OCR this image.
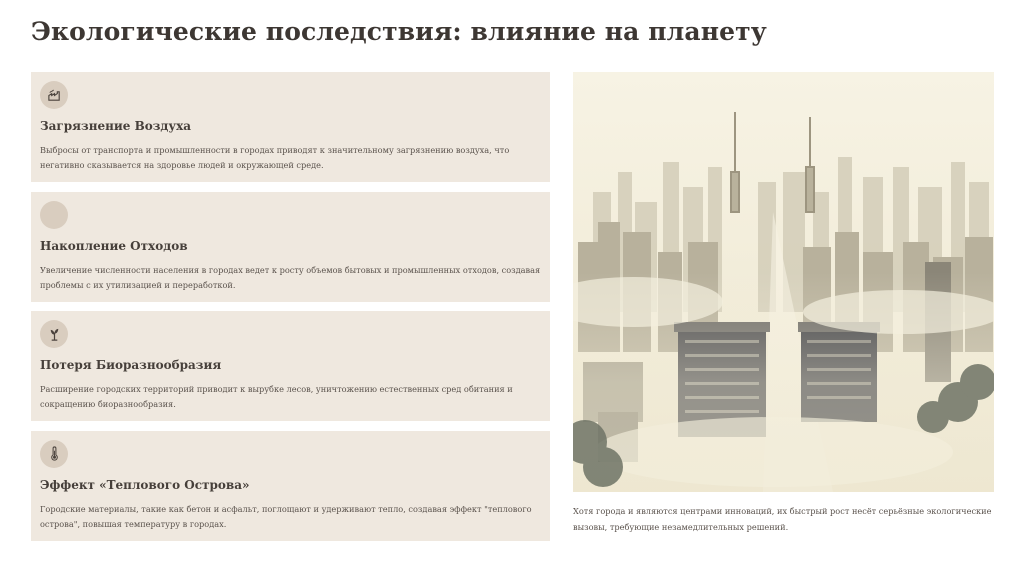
Экологические последствия: влияние на планету
Загрязнение Воздуха
Выбросы от транспорта и промышленности в городах приводят к значительному загрязнению воздуха, что негативно сказывается на здоровье людей и окружающей среде.
Накопление Отходов
Увеличение численности населения в городах ведет к росту объемов бытовых и промышленных отходов, создавая проблемы с их утилизацией и переработкой.
Потеря Биоразнообразия
Расширение городских территорий приводит к вырубке лесов, уничтожению естественных сред обитания и сокращению биоразнообразия.
Эффект «Теплового Острова»
Городские материалы, такие как бетон и асфальт, поглощают и удерживают тепло, создавая эффект "теплового острова", повышая температуру в городах.
Хотя города и являются центрами инноваций, их быстрый рост несёт серьёзные экологические вызовы, требующие незамедлительных решений.
